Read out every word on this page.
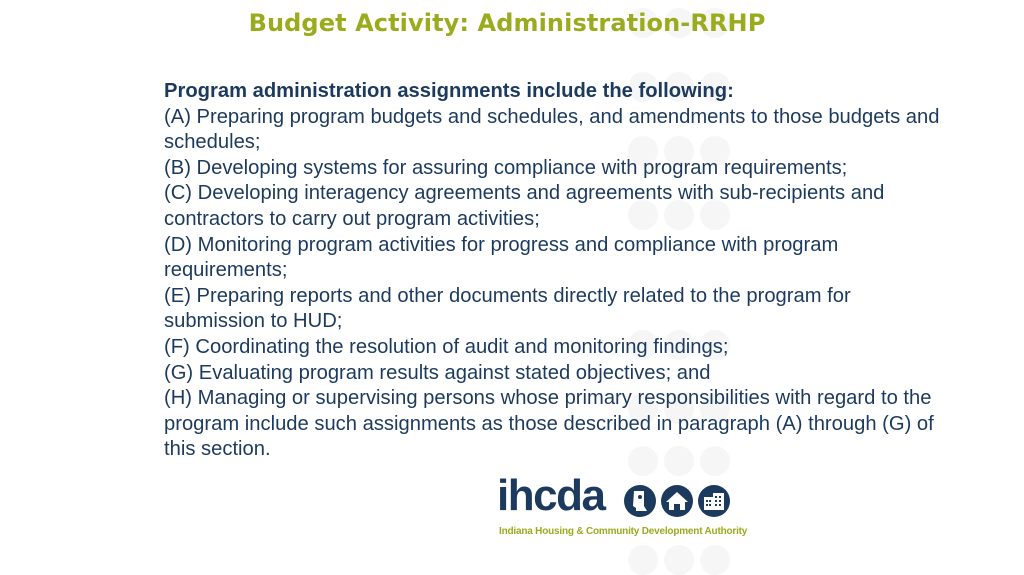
Budget Activity: Administration-RRHP
Program administration assignments include the following:
(A) Preparing program budgets and schedules, and amendments to those budgets and schedules;
(B) Developing systems for assuring compliance with program requirements;
(C) Developing interagency agreements and agreements with sub-recipients and contractors to carry out program activities;
(D) Monitoring program activities for progress and compliance with program requirements;
(E) Preparing reports and other documents directly related to the program for submission to HUD;
(F) Coordinating the resolution of audit and monitoring findings;
(G) Evaluating program results against stated objectives; and
(H) Managing or supervising persons whose primary responsibilities with regard to the program include such assignments as those described in paragraph (A) through (G) of this section.
ihcda
Indiana Housing & Community Development Authority
